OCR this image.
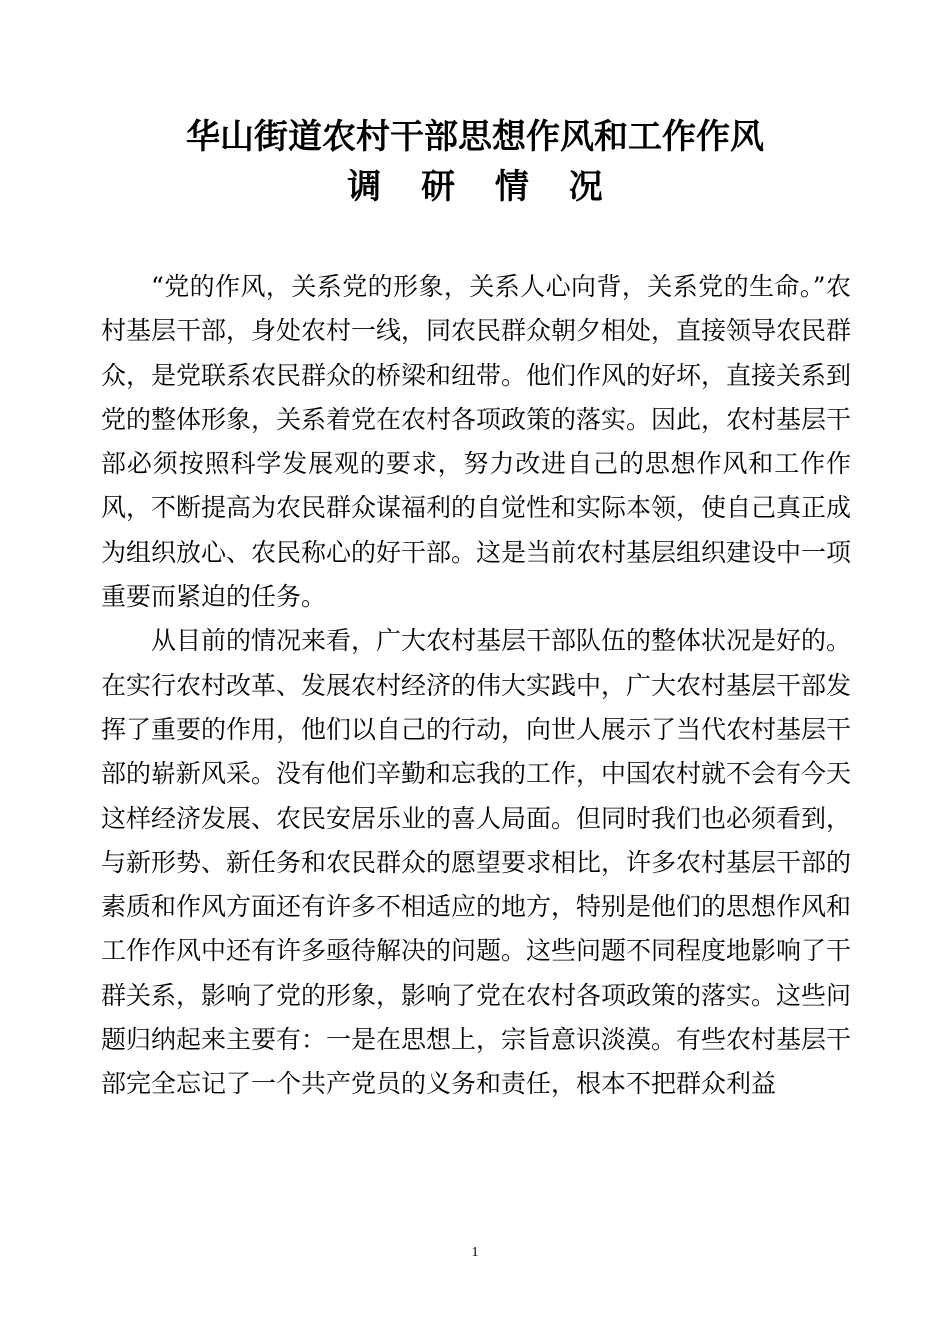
华山街道农村干部思想作风和工作作风
调 研 情 况

“党的作风，关系党的形象，关系人心向背，关系党的生命。”农村基层干部，身处农村一线，同农民群众朝夕相处，直接领导农民群众，是党联系农民群众的桥梁和纽带。他们作风的好坏，直接关系到党的整体形象，关系着党在农村各项政策的落实。因此，农村基层干部必须按照科学发展观的要求，努力改进自己的思想作风和工作作风，不断提高为农民群众谋福利的自觉性和实际本领，使自己真正成为组织放心、农民称心的好干部。这是当前农村基层组织建设中一项重要而紧迫的任务。

从目前的情况来看，广大农村基层干部队伍的整体状况是好的。在实行农村改革、发展农村经济的伟大实践中，广大农村基层干部发挥了重要的作用，他们以自己的行动，向世人展示了当代农村基层干部的崭新风采。没有他们辛勤和忘我的工作，中国农村就不会有今天这样经济发展、农民安居乐业的喜人局面。但同时我们也必须看到，与新形势、新任务和农民群众的愿望要求相比，许多农村基层干部的素质和作风方面还有许多不相适应的地方，特别是他们的思想作风和工作作风中还有许多亟待解决的问题。这些问题不同程度地影响了干群关系，影响了党的形象，影响了党在农村各项政策的落实。这些问题归纳起来主要有：一是在思想上，宗旨意识淡漠。有些农村基层干部完全忘记了一个共产党员的义务和责任，根本不把群众利益

1
